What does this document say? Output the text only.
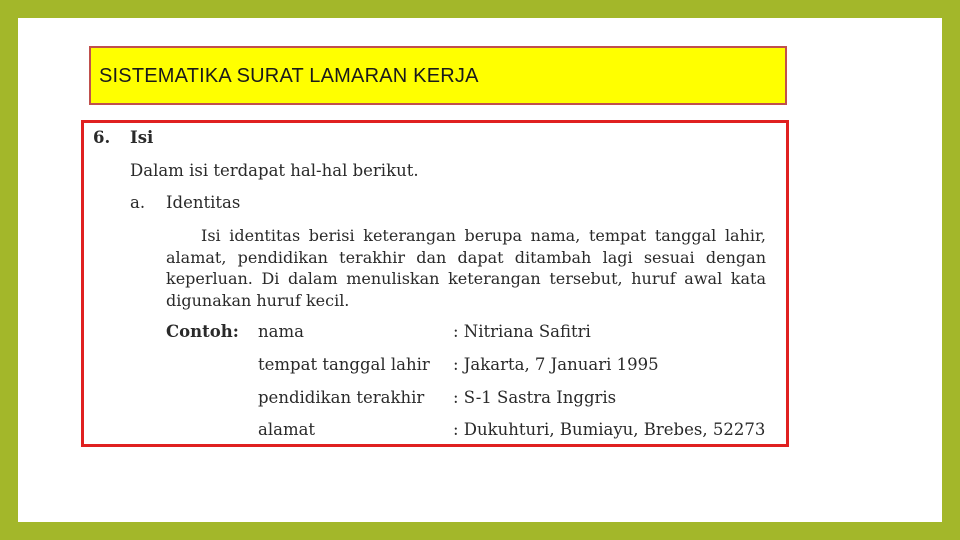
SISTEMATIKA SURAT LAMARAN KERJA
6. Isi
Dalam isi terdapat hal-hal berikut.
a. Identitas
Isi identitas berisi keterangan berupa nama, tempat tanggal lahir, alamat, pendidikan terakhir dan dapat ditambah lagi sesuai dengan keperluan. Di dalam menuliskan keterangan tersebut, huruf awal kata digunakan huruf kecil.
Contoh: nama	: Nitriana Safitri
tempat tanggal lahir : Jakarta, 7 Januari 1995
pendidikan terakhir : S-1 Sastra Inggris
alamat	: Dukuhturi, Bumiayu, Brebes, 52273
